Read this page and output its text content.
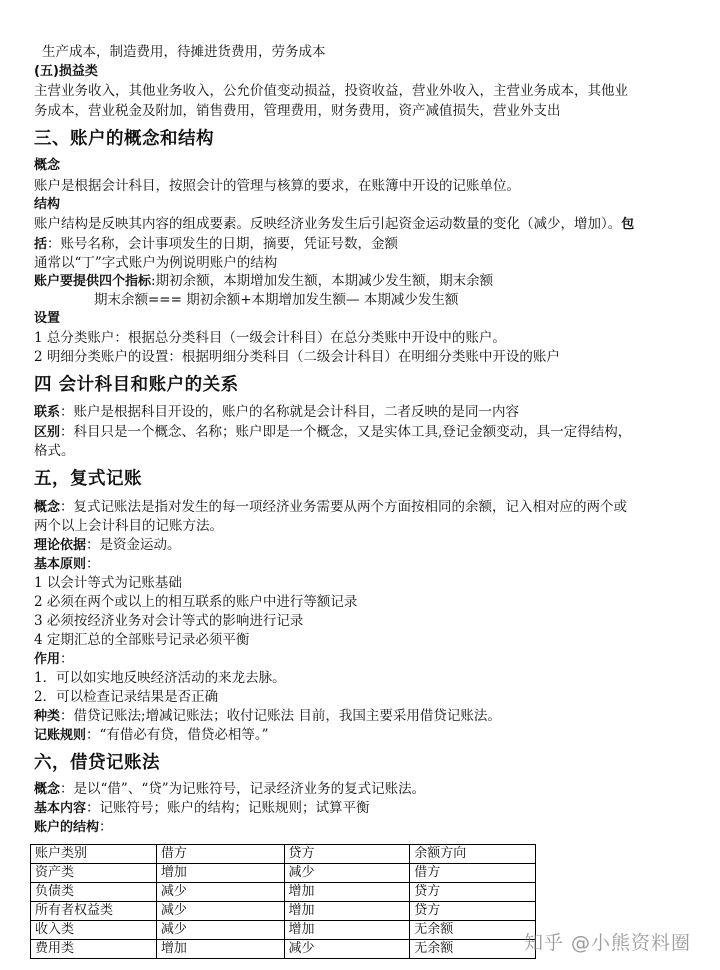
生产成本，制造费用，待摊进货费用，劳务成本
(五)损益类
主营业务收入，其他业务收入，公允价值变动损益，投资收益，营业外收入，主营业务成本，其他业
务成本，营业税金及附加，销售费用，管理费用，财务费用，资产减值损失，营业外支出
三、账户的概念和结构
概念
账户是根据会计科目，按照会计的管理与核算的要求，在账簿中开设的记账单位。
结构
账户结构是反映其内容的组成要素。反映经济业务发生后引起资金运动数量的变化（减少，增加）。包
括：账号名称，会计事项发生的日期，摘要，凭证号数，金额
通常以“丁”字式账户为例说明账户的结构
账户要提供四个指标:期初余额，本期增加发生额，本期减少发生额，期末余额
期末余额=== 期初余额+本期增加发生额— 本期减少发生额
设置
1 总分类账户：根据总分类科目（一级会计科目）在总分类账中开设中的账户。
2 明细分类账户的设置：根据明细分类科目（二级会计科目）在明细分类账中开设的账户
四 会计科目和账户的关系
联系：账户是根据科目开设的，账户的名称就是会计科目，二者反映的是同一内容
区别：科目只是一个概念、名称；账户即是一个概念，又是实体工具,登记金额变动，具一定得结构，
格式。
五，复式记账
概念：复式记账法是指对发生的每一项经济业务需要从两个方面按相同的余额，记入相对应的两个或
两个以上会计科目的记账方法。
理论依据：是资金运动。
基本原则：
1 以会计等式为记账基础
2 必须在两个或以上的相互联系的账户中进行等额记录
3 必须按经济业务对会计等式的影响进行记录
4 定期汇总的全部账号记录必须平衡
作用：
1．可以如实地反映经济活动的来龙去脉。
2．可以检查记录结果是否正确
种类：借贷记账法;增减记账法；收付记账法 目前，我国主要采用借贷记账法。
记账规则：“有借必有贷，借贷必相等。”
六，借贷记账法
概念：是以“借”、“贷”为记账符号，记录经济业务的复式记账法。
基本内容：记账符号；账户的结构；记账规则；试算平衡
账户的结构：
账户类别	借方	贷方	余额方向
资产类	增加	减少	借方
负债类	减少	增加	贷方
所有者权益类	减少	增加	贷方
收入类	减少	增加	无余额
费用类	增加	减少	无余额	知乎 @小熊资料圈
